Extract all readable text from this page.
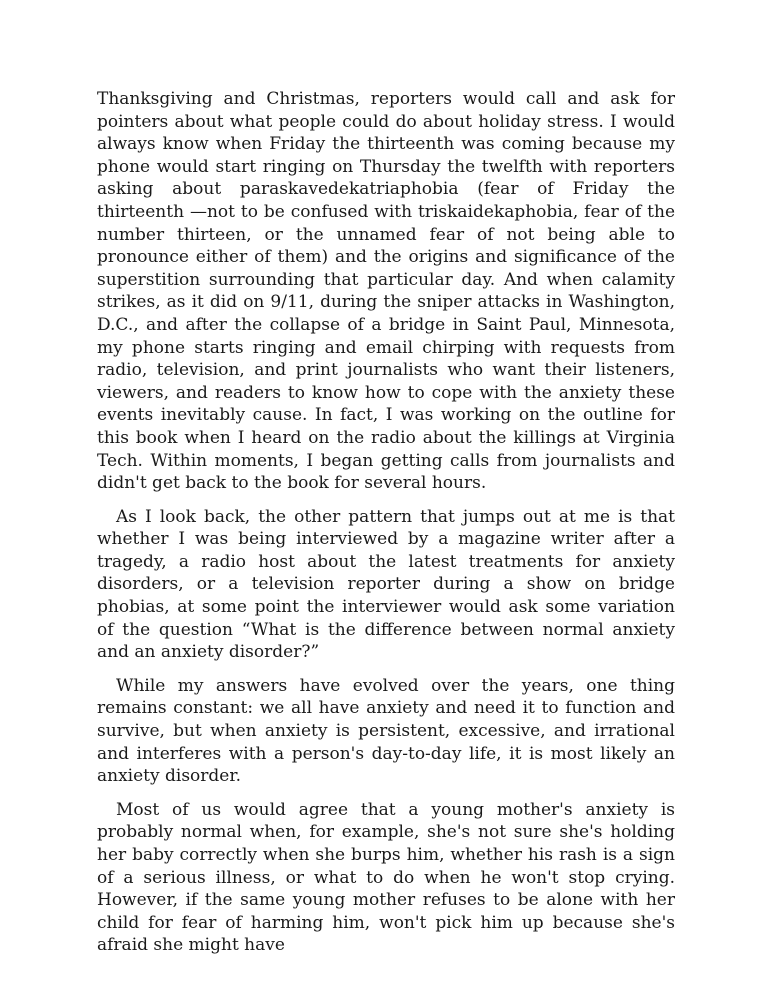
Thanksgiving and Christmas, reporters would call and ask for pointers about what people could do about holiday stress. I would always know when Friday the thirteenth was coming because my phone would start ringing on Thursday the twelfth with reporters asking about paraskavedekatriaphobia (fear of Friday the thirteenth —not to be confused with triskaidekaphobia, fear of the number thirteen, or the unnamed fear of not being able to pronounce either of them) and the origins and significance of the superstition surrounding that particular day. And when calamity strikes, as it did on 9/11, during the sniper attacks in Washington, D.C., and after the collapse of a bridge in Saint Paul, Minnesota, my phone starts ringing and email chirping with requests from radio, television, and print journalists who want their listeners, viewers, and readers to know how to cope with the anxiety these events inevitably cause. In fact, I was working on the outline for this book when I heard on the radio about the killings at Virginia Tech. Within moments, I began getting calls from journalists and didn't get back to the book for several hours.

As I look back, the other pattern that jumps out at me is that whether I was being interviewed by a magazine writer after a tragedy, a radio host about the latest treatments for anxiety disorders, or a television reporter during a show on bridge phobias, at some point the interviewer would ask some variation of the question “What is the difference between normal anxiety and an anxiety disorder?”

While my answers have evolved over the years, one thing remains constant: we all have anxiety and need it to function and survive, but when anxiety is persistent, excessive, and irrational and interferes with a person's day-to-day life, it is most likely an anxiety disorder.

Most of us would agree that a young mother's anxiety is probably normal when, for example, she's not sure she's holding her baby correctly when she burps him, whether his rash is a sign of a serious illness, or what to do when he won't stop crying. However, if the same young mother refuses to be alone with her child for fear of harming him, won't pick him up because she's afraid she might have
